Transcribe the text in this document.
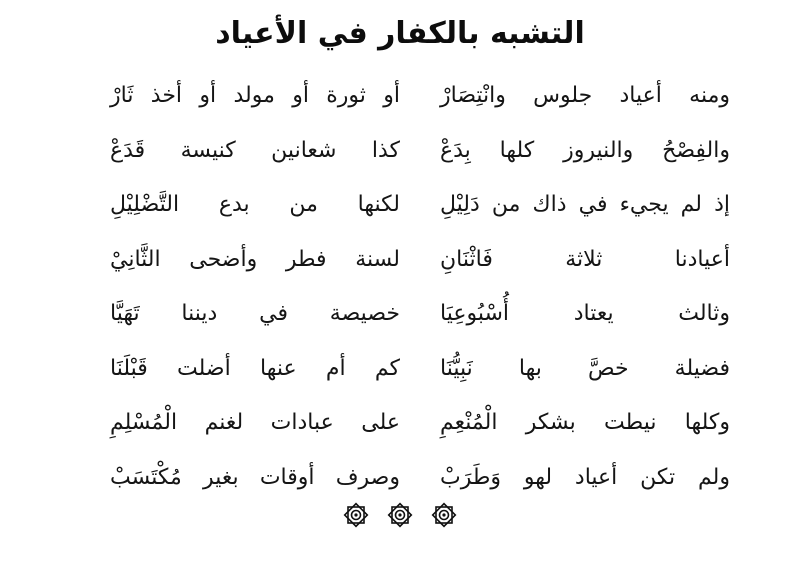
التشبه بالكفار في الأعياد
ومنه أعياد جلوس وانْتِصَارْ
أو ثورة أو مولد أو أخذ ثَارْ
والفِصْحُ والنيروز كلها بِدَعْ
كذا شعانين كنيسة قَدَعْ
إذ لم يجيء في ذاك من دَلِيْلِ
لكنها من بدع التَّضْلِيْلِ
أعيادنا ثلاثة فَاثْنَانِ
لسنة فطر وأضحى الثَّانِيْ
وثالث يعتاد أُسْبُوعِيَا
خصيصة في ديننا تَهَيَّا
فضيلة خصَّ بها نَبِيُّنَا
كم أم عنها أضلت قَبْلَنَا
وكلها نيطت بشكر الْمُنْعِمِ
على عبادات لغنم الْمُسْلِمِ
ولم تكن أعياد لهو وَطَرَبْ
وصرف أوقات بغير مُكْتَسَبْ
